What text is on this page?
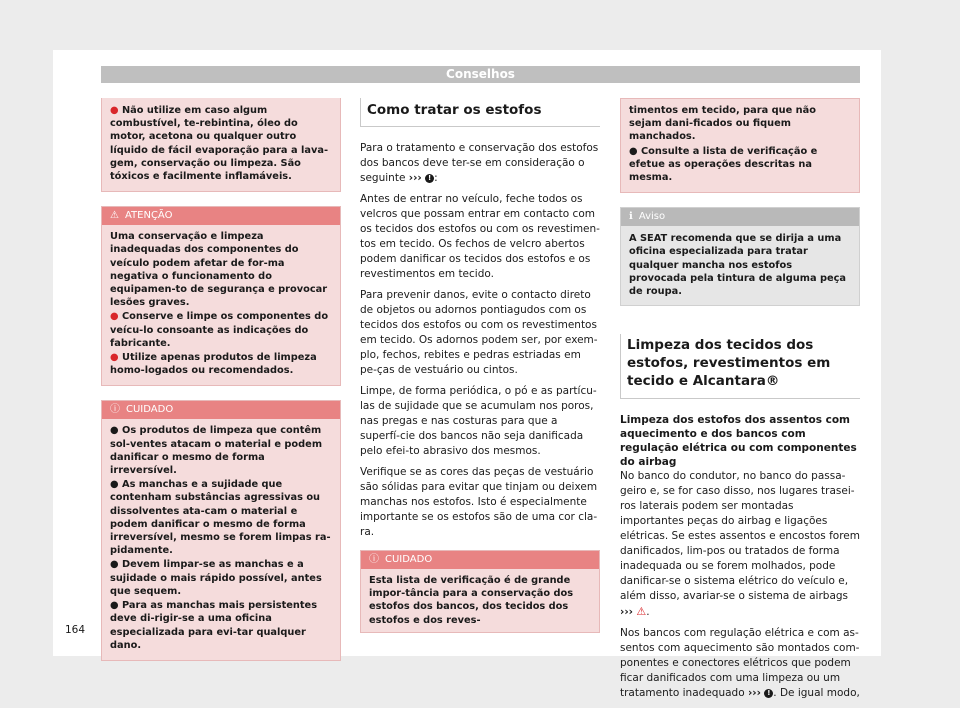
Conselhos

● Não utilize em caso algum combustível, te-rebintina, óleo do motor, acetona ou qualquer outro líquido de fácil evaporação para a lava-gem, conservação ou limpeza. São tóxicos e facilmente inflamáveis.

⚠ ATENÇÃO

Uma conservação e limpeza inadequadas dos componentes do veículo podem afetar de for-ma negativa o funcionamento do equipamen-to de segurança e provocar lesões graves.

● Conserve e limpe os componentes do veícu-lo consoante as indicações do fabricante.

● Utilize apenas produtos de limpeza homo-logados ou recomendados.

ⓘ CUIDADO

● Os produtos de limpeza que contêm sol-ventes atacam o material e podem danificar o mesmo de forma irreversível.

● As manchas e a sujidade que contenham substâncias agressivas ou dissolventes ata-cam o material e podem danificar o mesmo de forma irreversível, mesmo se forem limpas ra-pidamente.

● Devem limpar-se as manchas e a sujidade o mais rápido possível, antes que sequem.

● Para as manchas mais persistentes deve di-rigir-se a uma oficina especializada para evi-tar qualquer dano.

Como tratar os estofos

Para o tratamento e conservação dos estofos dos bancos deve ter-se em consideração o seguinte ››› ! :

Antes de entrar no veículo, feche todos os velcros que possam entrar em contacto com os tecidos dos estofos ou com os revestimen-tos em tecido. Os fechos de velcro abertos podem danificar os tecidos dos estofos e os revestimentos em tecido.

Para prevenir danos, evite o contacto direto de objetos ou adornos pontiagudos com os tecidos dos estofos ou com os revestimentos em tecido. Os adornos podem ser, por exem-plo, fechos, rebites e pedras estriadas em pe-ças de vestuário ou cintos.

Limpe, de forma periódica, o pó e as partícu-las de sujidade que se acumulam nos poros, nas pregas e nas costuras para que a superfí-cie dos bancos não seja danificada pelo efei-to abrasivo dos mesmos.

Verifique se as cores das peças de vestuário são sólidas para evitar que tinjam ou deixem manchas nos estofos. Isto é especialmente importante se os estofos são de uma cor cla-ra.

ⓘ CUIDADO

Esta lista de verificação é de grande impor-tância para a conservação dos estofos dos bancos, dos tecidos dos estofos e dos reves-

timentos em tecido, para que não sejam dani-ficados ou fiquem manchados.

● Consulte a lista de verificação e efetue as operações descritas na mesma.

ℹ Aviso

A SEAT recomenda que se dirija a uma oficina especializada para tratar qualquer mancha nos estofos provocada pela tintura de alguma peça de roupa.

Limpeza dos tecidos dos estofos, revestimentos em tecido e Alcantara®

Limpeza dos estofos dos assentos com aquecimento e dos bancos com regulação elétrica ou com componentes do airbag

No banco do condutor, no banco do passa-geiro e, se for caso disso, nos lugares trasei-ros laterais podem ser montadas importantes peças do airbag e ligações elétricas. Se estes assentos e encostos forem danificados, lim-pos ou tratados de forma inadequada ou se forem molhados, pode danificar-se o sistema elétrico do veículo e, além disso, avariar-se o sistema de airbags ››› ⚠.

Nos bancos com regulação elétrica e com as-sentos com aquecimento são montados com-ponentes e conectores elétricos que podem ficar danificados com uma limpeza ou um tratamento inadequado ››› ! . De igual modo,

164
